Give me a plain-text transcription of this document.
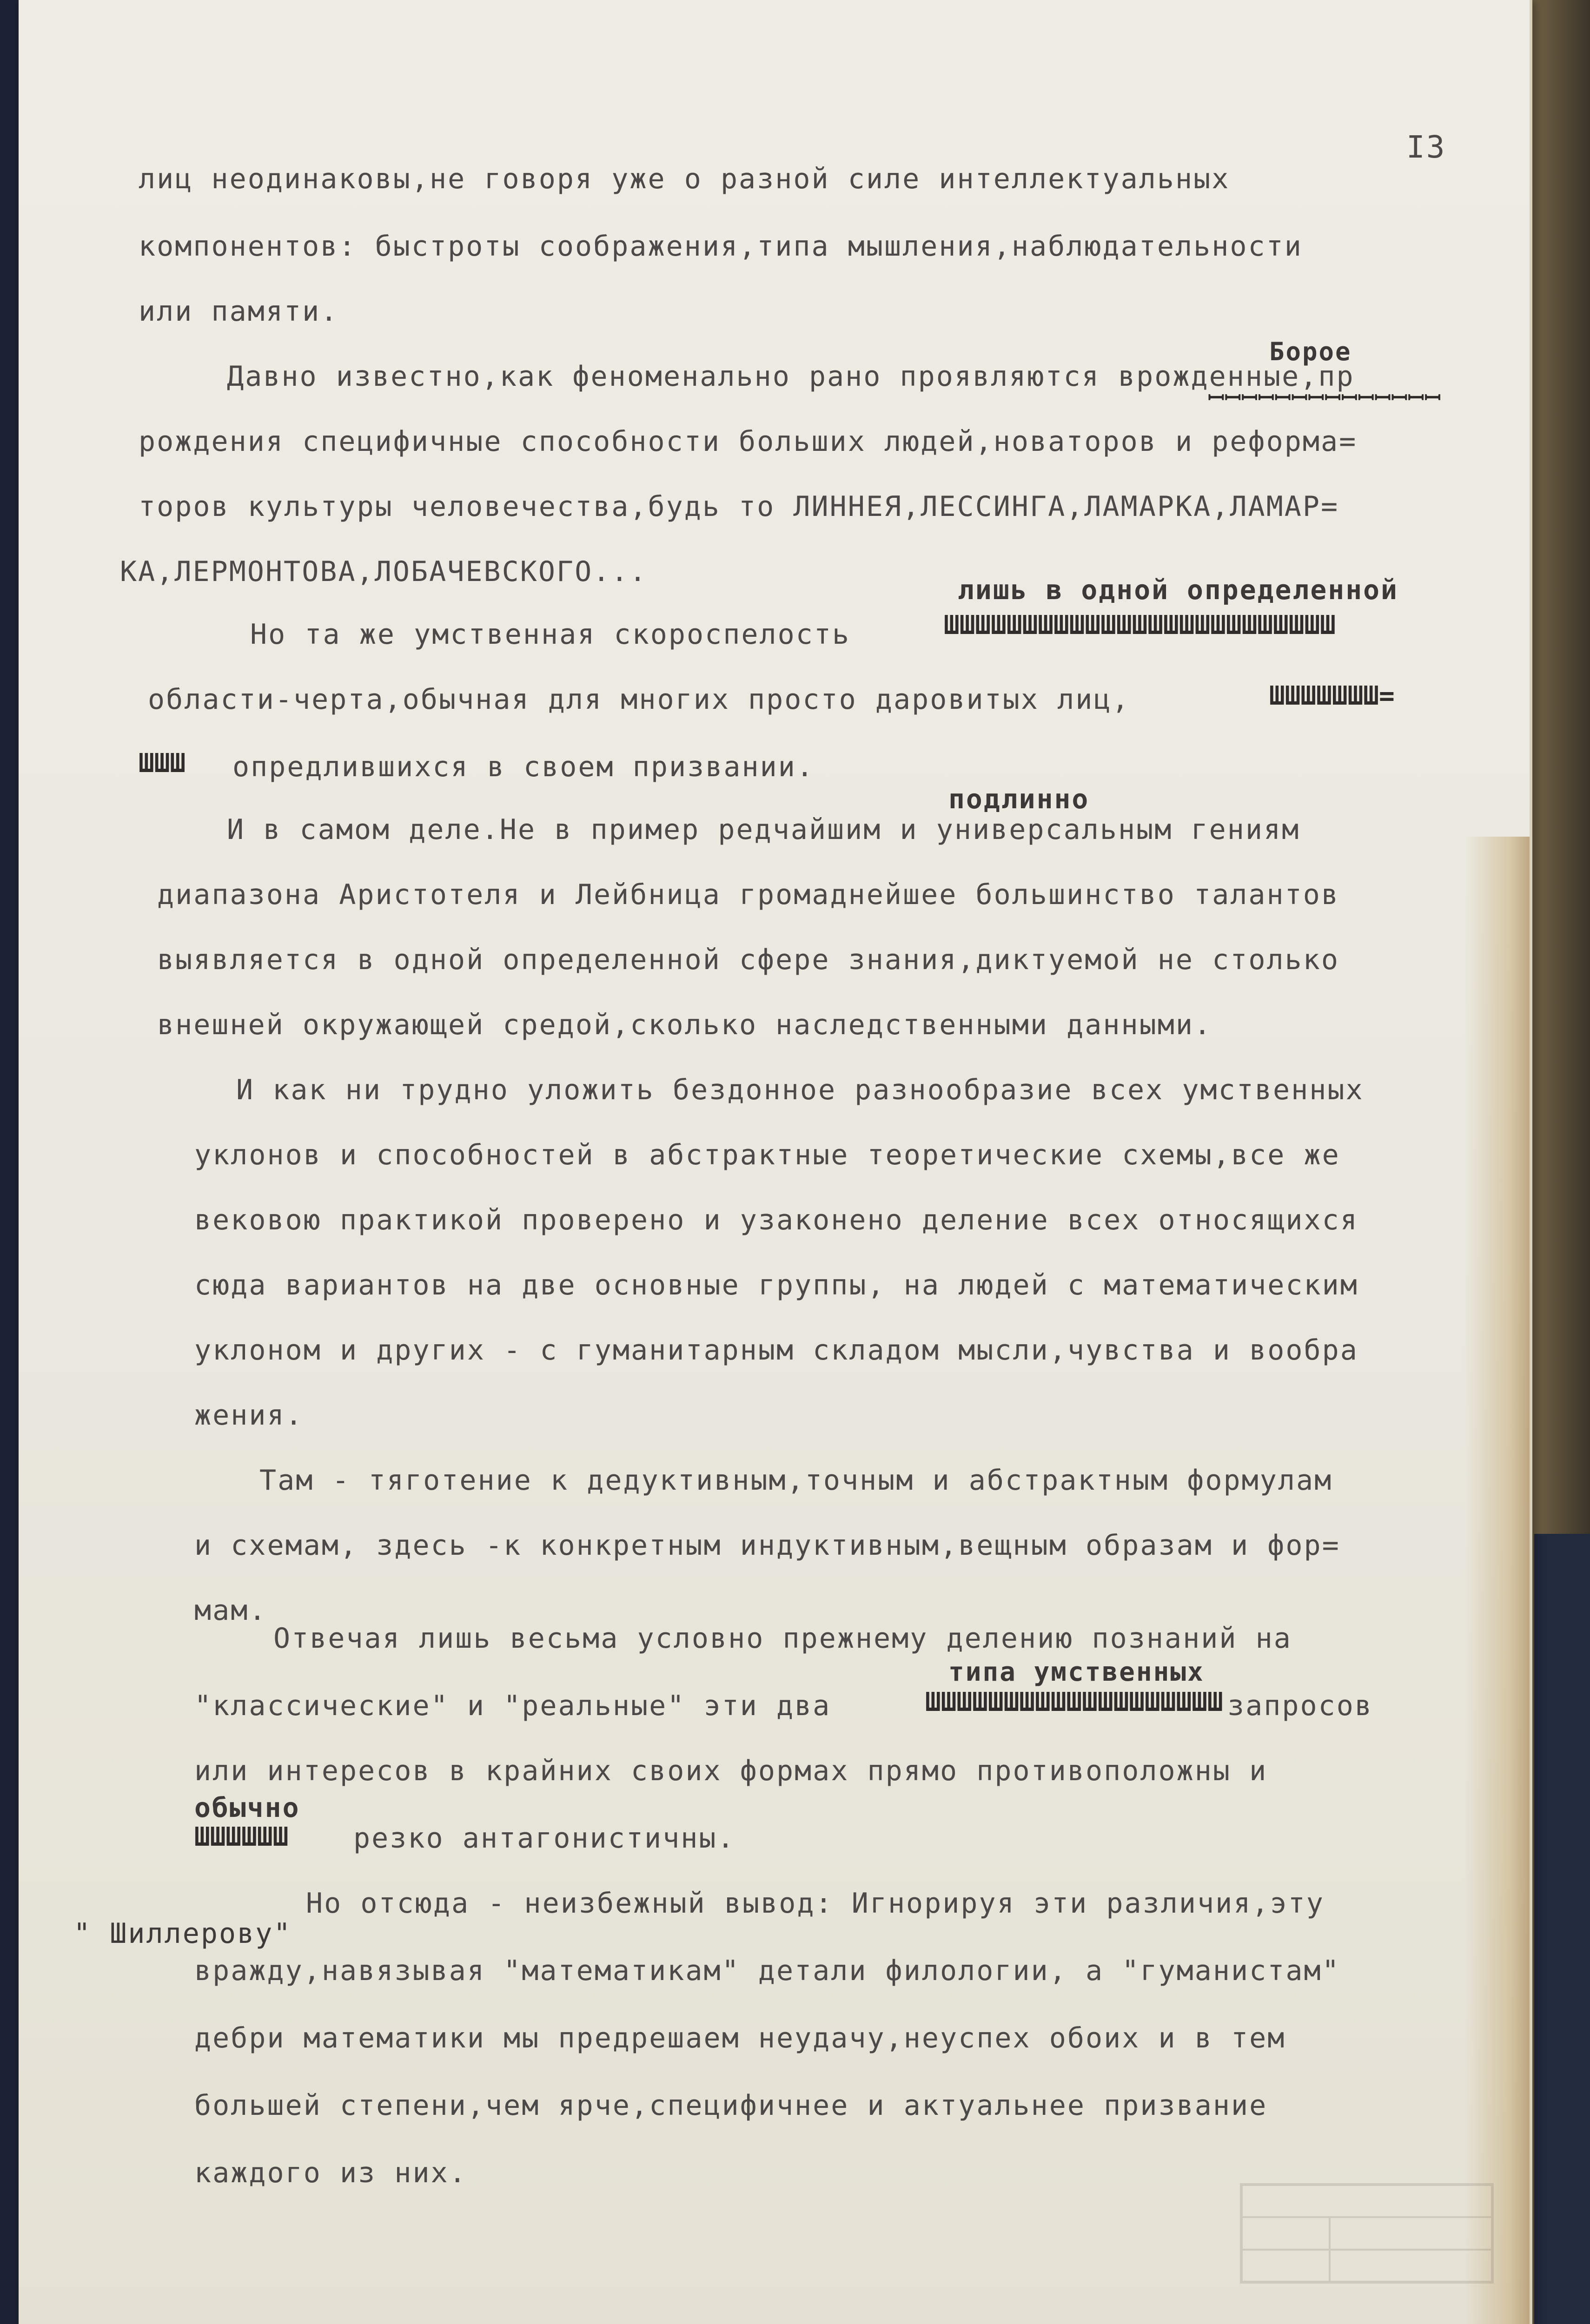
I3
лиц неодинаковы,не говоря уже о разной силе интеллектуальных
компонентов: быстроты соображения,типа мышления,наблюдательности
или памяти.
Борое
Давно известно,как феноменально рано проявляются врожденные,пр
ꟷꟷꟷꟷꟷꟷꟷꟷꟷꟷꟷꟷꟷꟷ
рождения специфичные способности больших людей,новаторов и реформа=
торов культуры человечества,будь то ЛИННЕЯ,ЛЕССИНГА,ЛАМАРКА,ЛАМАР=
КА,ЛЕРМОНТОВА,ЛОБАЧЕВСКОГО...
лишь в одной определенной
Но та же умственная скороспелость	ШШШШШШШШШШШШШШШШШШШШШШШШШ
области-черта,обычная для многих просто даровитых лиц,	ШШШШШШШ=
ШШШ опредлившихся в своем призвании.
подлинно
И в самом деле.Не в пример редчайшим и универсальным гениям
диапазона Аристотеля и Лейбница громаднейшее большинство талантов
выявляется в одной определенной сфере знания,диктуемой не столько
внешней окружающей средой,сколько наследственными данными.
И как ни трудно уложить бездонное разнообразие всех умственных
уклонов и способностей в абстрактные теоретические схемы,все же
вековою практикой проверено и узаконено деление всех относящихся
сюда вариантов на две основные группы, на людей с математическим
уклоном и других - с гуманитарным складом мысли,чувства и вообра
жения.
Там - тяготение к дедуктивным,точным и абстрактным формулам
и схемам, здесь -к конкретным индуктивным,вещным образам и фор=
мам.
Отвечая лишь весьма условно прежнему делению познаний на
типа умственных
"классические" и "реальные" эти два	ШШШШШШШШШШШШШШШШШШШ запросов
или интересов в крайних своих формах прямо противоположны и
обычно
ШШШШШШ резко антагонистичны.
" Шиллерову"
Но отсюда - неизбежный вывод: Игнорируя эти различия,эту
вражду,навязывая "математикам" детали филологии, а "гуманистам"
дебри математики мы предрешаем неудачу,неуспех обоих и в тем
большей степени,чем ярче,специфичнее и актуальнее призвание
каждого из них.
